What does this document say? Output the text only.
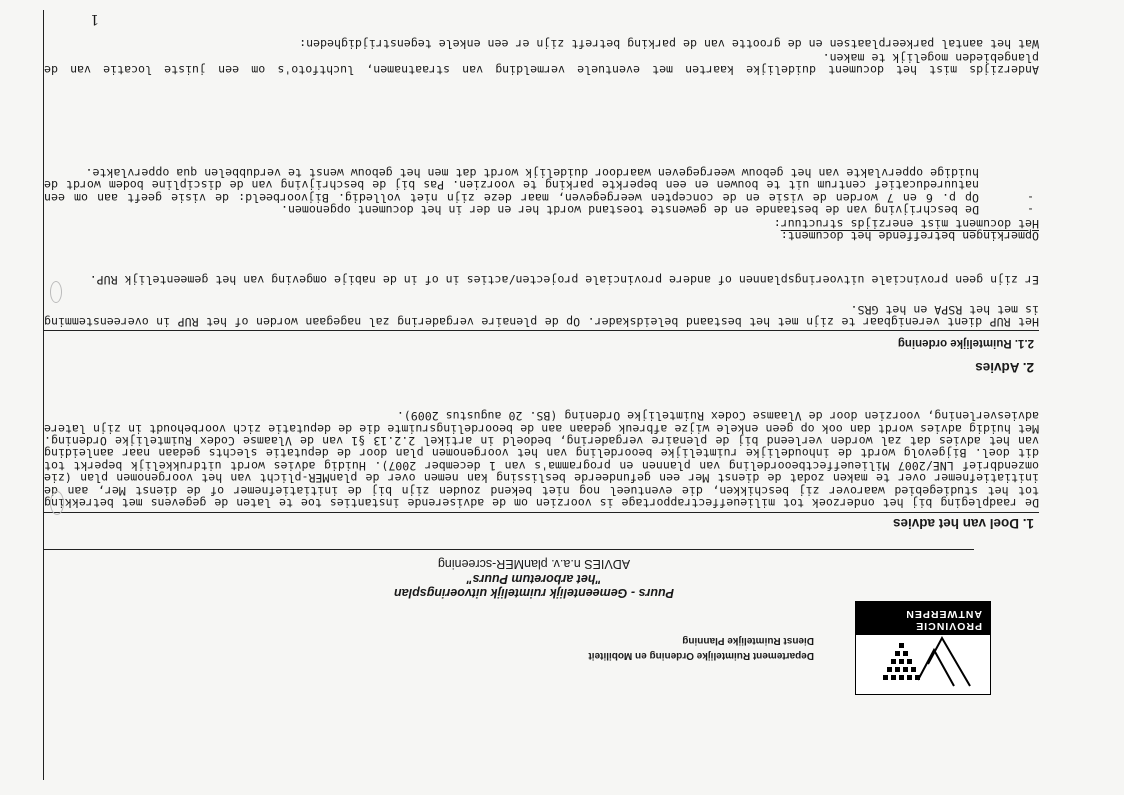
PROVINCIE
ANTWERPEN
Departement Ruimtelijke Ordening en Mobiliteit
Dienst Ruimtelijke Planning
Puurs - Gemeentelijk ruimtelijk uitvoeringsplan
"het arboretum Puurs"
ADVIES n.a.v. planMER-screening
1. Doel van het advies
De raadpleging bij het onderzoek tot milieueffectrapportage is voorzien om de adviserende instanties toe te laten de gegevens met betrekking tot het studiegebied waarover zij beschikken, die eventueel nog niet bekend zouden zijn bij de initiatiefnemer of de dienst Mer, aan de initiatiefnemer over te maken zodat de dienst Mer een gefundeerde beslissing kan nemen over de planMER-plicht van het voorgenomen plan (zie omzendbrief LNE/2007 Milieueffectbeoordeling van plannen en programma's van 1 december 2007). Huidig advies wordt uitdrukkelijk beperkt tot dit doel. Bijgevolg wordt de inhoudelijke ruimtelijke beoordeling van het voorgenomen plan door de deputatie slechts gedaan naar aanleiding van het advies dat zal worden verleend bij de plenaire vergadering, bedoeld in artikel 2.2.13 §1 van de Vlaamse Codex Ruimtelijke Ordening. Met huidig advies wordt dan ook op geen enkele wijze afbreuk gedaan aan de beoordelingsruimte die de deputatie zich voorbehoudt in zijn latere adviesverlening, voorzien door de Vlaamse Codex Ruimtelijke Ordening (BS. 20 augustus 2009).
2. Advies
2.1. Ruimtelijke ordening
Het RUP dient verenigbaar te zijn met het bestaand beleidskader. Op de plenaire vergadering zal nagegaan worden of het RUP in overeenstemming is met het RSPA en het GRS.
Er zijn geen provinciale uitvoeringsplannen of andere provinciale projecten/acties in of in de nabije omgeving van het gemeentelijk RUP.
Opmerkingen betreffende het document:
Het document mist enerzijds structuur:
-
De beschrijving van de bestaande en de gewenste toestand wordt her en der in het document opgenomen.
-
Op p. 6 en 7 worden de visie en de concepten weergegeven, maar deze zijn niet volledig. Bijvoorbeeld: de visie geeft aan om een natuureducatief centrum uit te bouwen en een beperkte parking te voorzien. Pas bij de beschrijving van de discipline bodem wordt de huidige oppervlakte van het gebouw weergegeven waardoor duidelijk wordt dat men het gebouw wenst te verdubbelen qua oppervlakte.
Anderzijds mist het document duidelijke kaarten met eventuele vermelding van straatnamen, luchtfoto's om een juiste locatie van de plangebieden mogelijk te maken.
Wat het aantal parkeerplaatsen en de grootte van de parking betreft zijn er een enkele tegenstrijdigheden:
1
